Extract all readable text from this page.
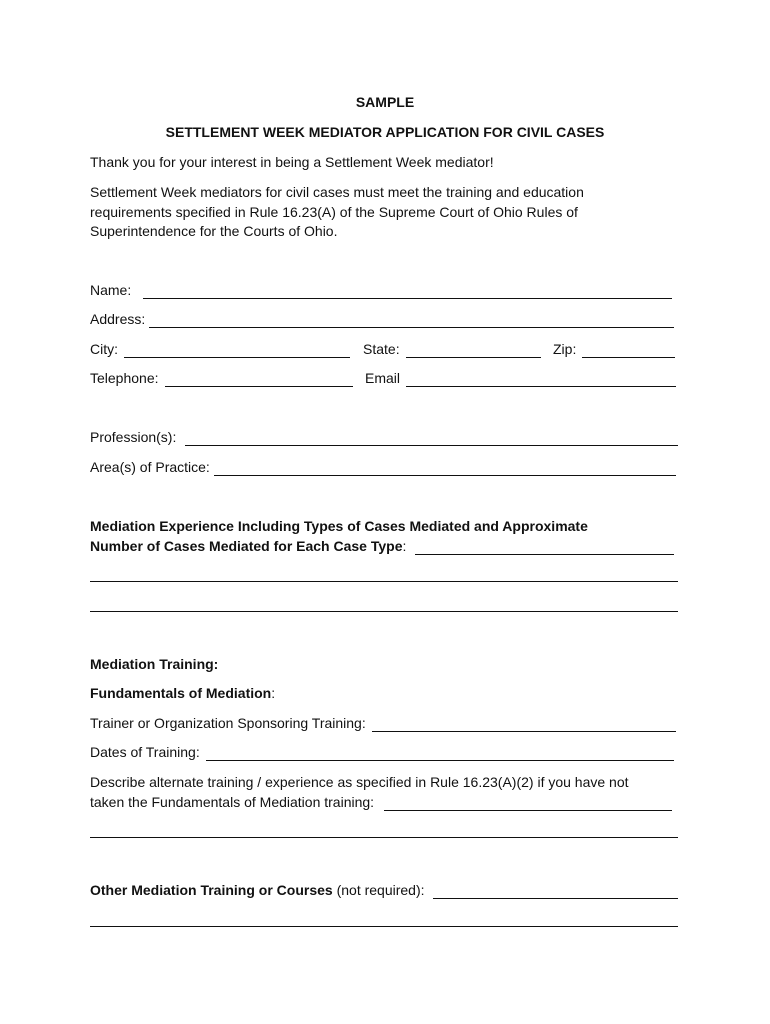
SAMPLE
SETTLEMENT WEEK MEDIATOR APPLICATION FOR CIVIL CASES
Thank you for your interest in being a Settlement Week mediator!
Settlement Week mediators for civil cases must meet the training and education
requirements specified in Rule 16.23(A) of the Supreme Court of Ohio Rules of
Superintendence for the Courts of Ohio.
Name:
Address:
City:	State:	Zip:
Telephone:	Email
Profession(s):
Area(s) of Practice:
Mediation Experience Including Types of Cases Mediated and Approximate
Number of Cases Mediated for Each Case Type :
Mediation Training:
Fundamentals of Mediation:
Trainer or Organization Sponsoring Training:
Dates of Training:
Describe alternate training / experience as specified in Rule 16.23(A)(2) if you have not
taken the Fundamentals of Mediation training:
Other Mediation Training or Courses (not required):
